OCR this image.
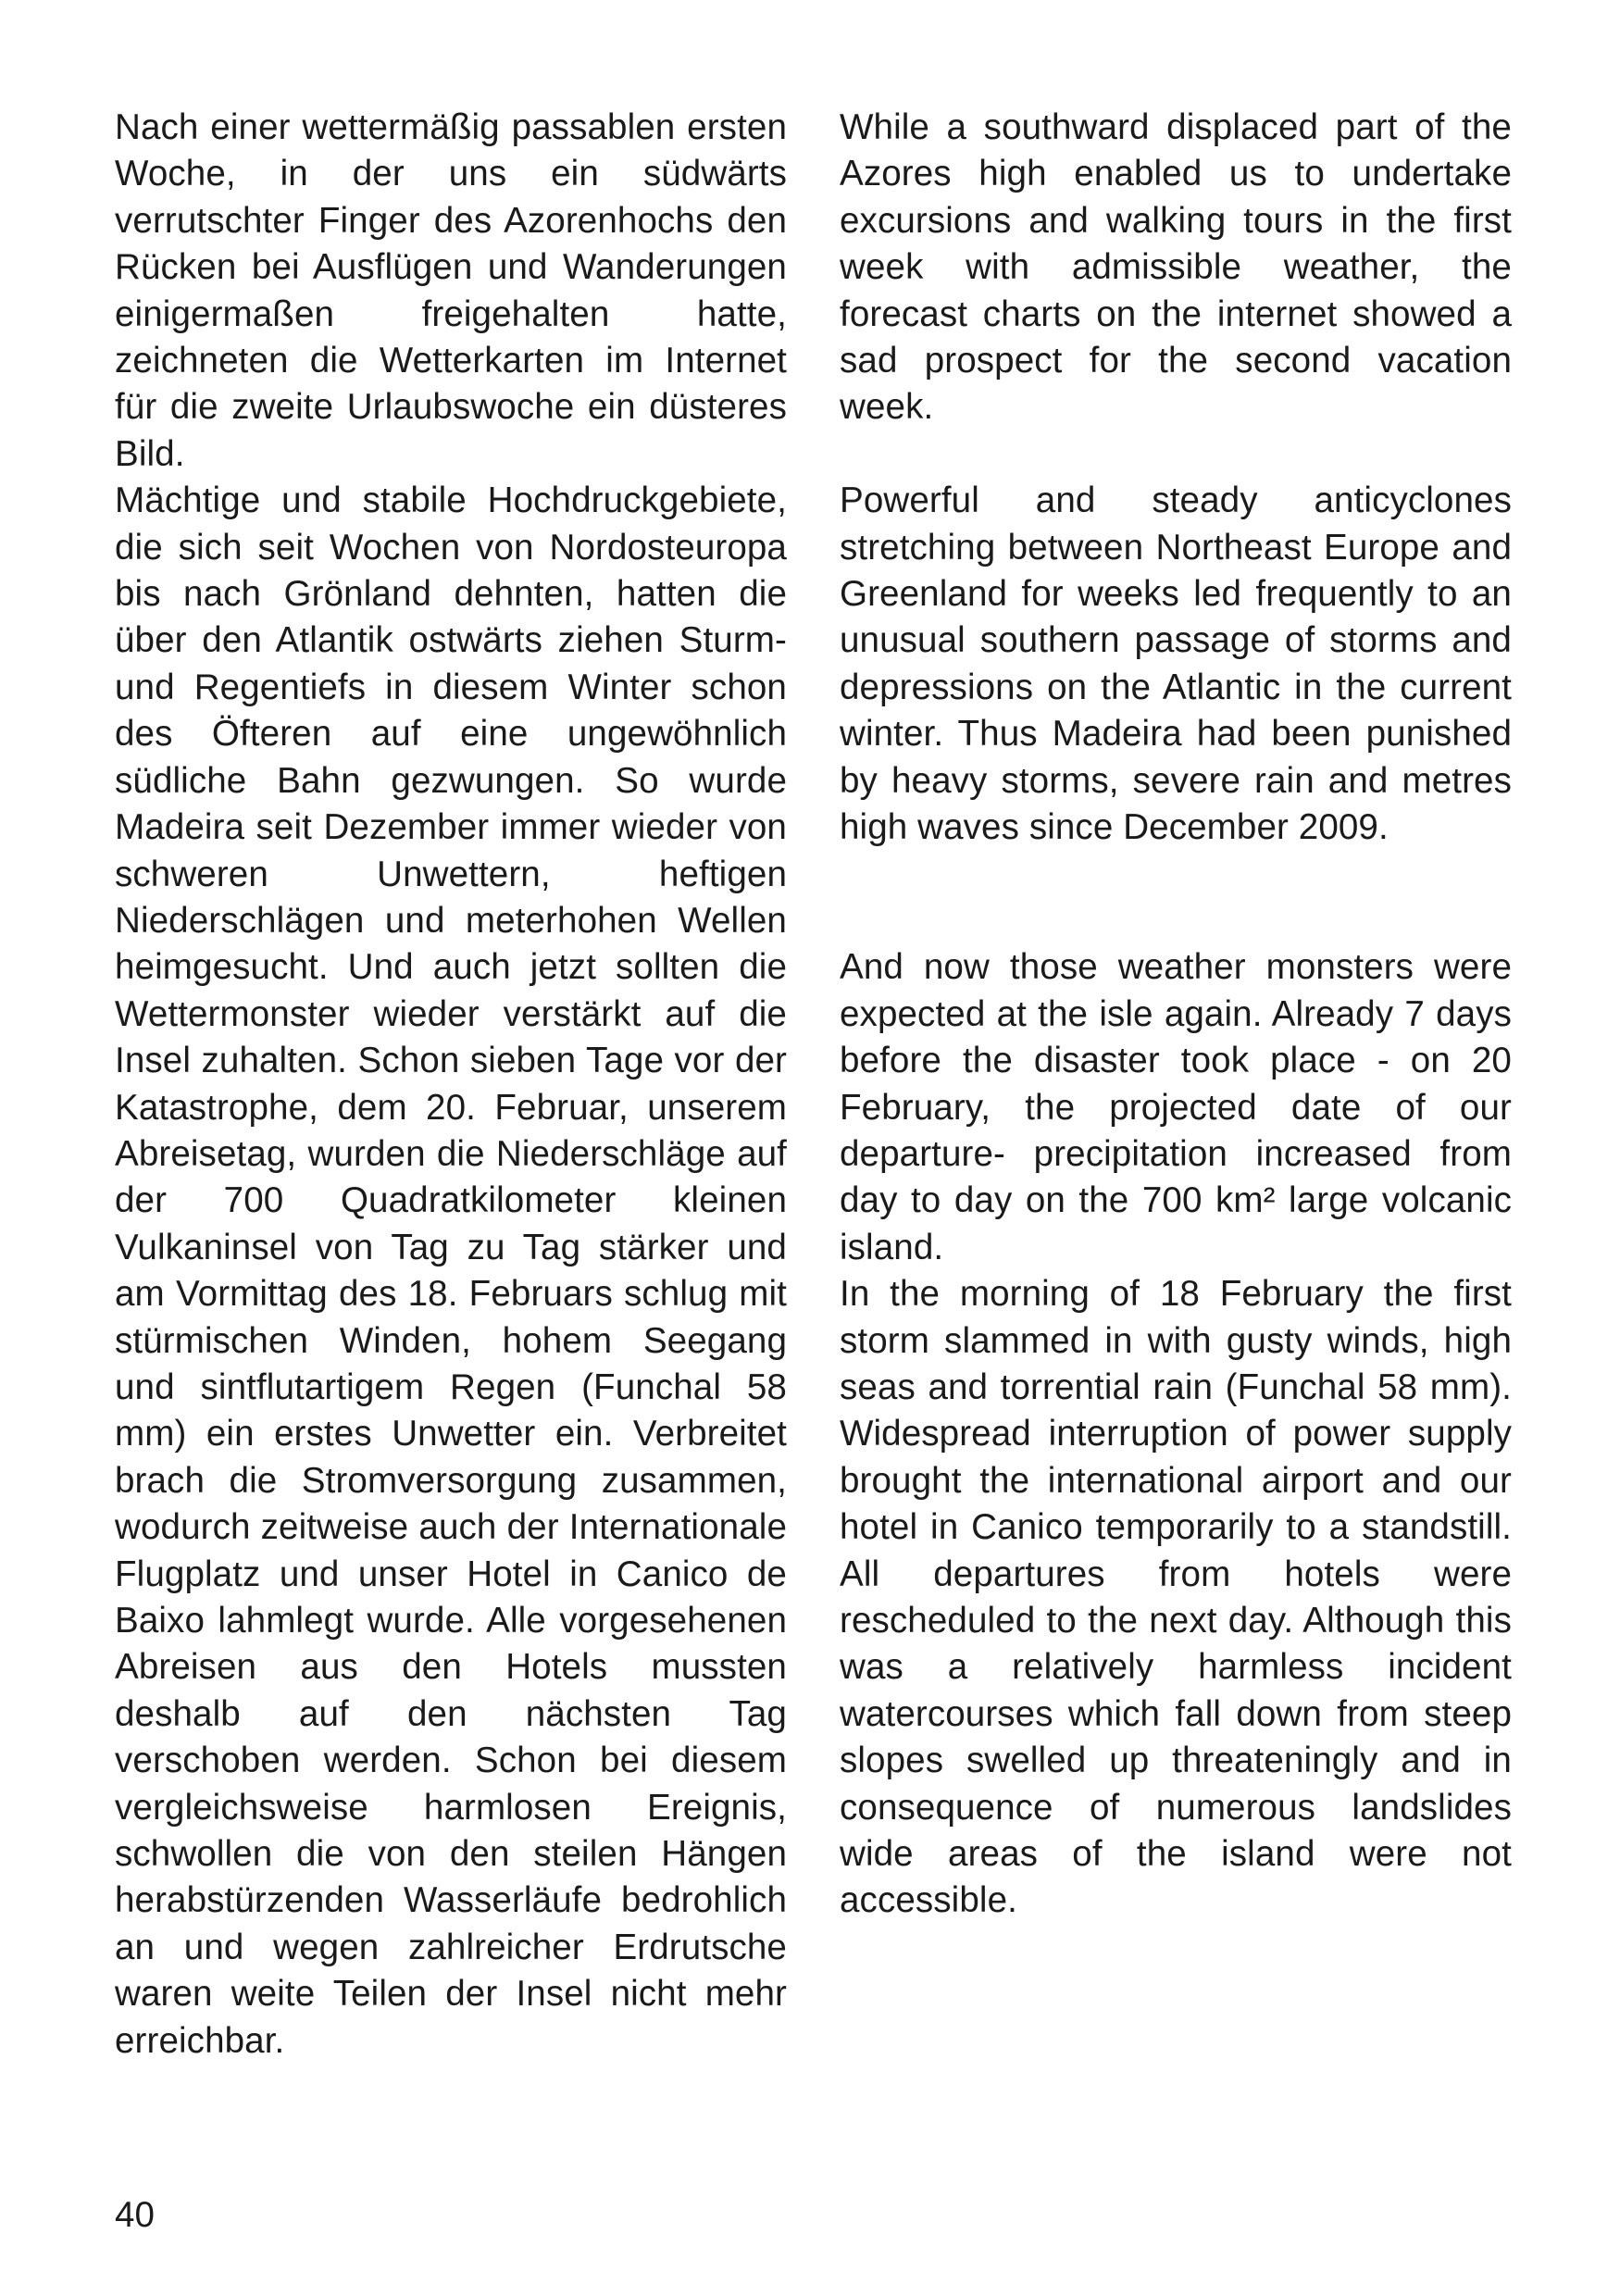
Nach einer wettermäßig passablen ersten Woche, in der uns ein südwärts verrutschter Finger des Azorenhochs den Rücken bei Ausflügen und Wanderungen einigermaßen freigehalten hatte, zeichneten die Wetterkarten im Internet für die zweite Urlaubswoche ein düsteres Bild.

Mächtige und stabile Hochdruckgebiete, die sich seit Wochen von Nordosteuropa bis nach Grönland dehnten, hatten die über den Atlantik ostwärts ziehen Sturm- und Regentiefs in diesem Winter schon des Öfteren auf eine ungewöhnlich südliche Bahn gezwungen. So wurde Madeira seit Dezember immer wieder von schweren Unwettern, heftigen Niederschlägen und meterhohen Wellen heimgesucht. Und auch jetzt sollten die Wettermonster wieder verstärkt auf die Insel zuhalten. Schon sieben Tage vor der Katastrophe, dem 20. Februar, unserem Abreisetag, wurden die Niederschläge auf der 700 Quadratkilometer kleinen Vulkaninsel von Tag zu Tag stärker und am Vormittag des 18. Februars schlug mit stürmischen Winden, hohem Seegang und sintflutartigem Regen (Funchal 58 mm) ein erstes Unwetter ein. Verbreitet brach die Stromversorgung zusammen, wodurch zeitweise auch der Internationale Flugplatz und unser Hotel in Canico de Baixo lahmlegt wurde. Alle vorgesehenen Abreisen aus den Hotels mussten deshalb auf den nächsten Tag verschoben werden. Schon bei diesem vergleichsweise harmlosen Ereignis, schwollen die von den steilen Hängen herabstürzenden Wasserläufe bedrohlich an und wegen zahlreicher Erdrutsche waren weite Teilen der Insel nicht mehr erreichbar.

While a southward displaced part of the Azores high enabled us to undertake excursions and walking tours in the first week with admissible weather, the forecast charts on the internet showed a sad prospect for the second vacation week.

Powerful and steady anticyclones stretching between Northeast Europe and Greenland for weeks led frequently to an unusual southern passage of storms and depressions on the Atlantic in the current winter. Thus Madeira had been punished by heavy storms, severe rain and metres high waves since December 2009.

And now those weather monsters were expected at the isle again. Already 7 days before the disaster took place - on 20 February, the projected date of our departure- precipitation increased from day to day on the 700 km² large volcanic island.

In the morning of 18 February the first storm slammed in with gusty winds, high seas and torrential rain (Funchal 58 mm). Widespread interruption of power supply brought the international airport and our hotel in Canico temporarily to a standstill. All departures from hotels were rescheduled to the next day. Although this was a relatively harmless incident watercourses which fall down from steep slopes swelled up threateningly and in consequence of numerous landslides wide areas of the island were not accessible.

40
